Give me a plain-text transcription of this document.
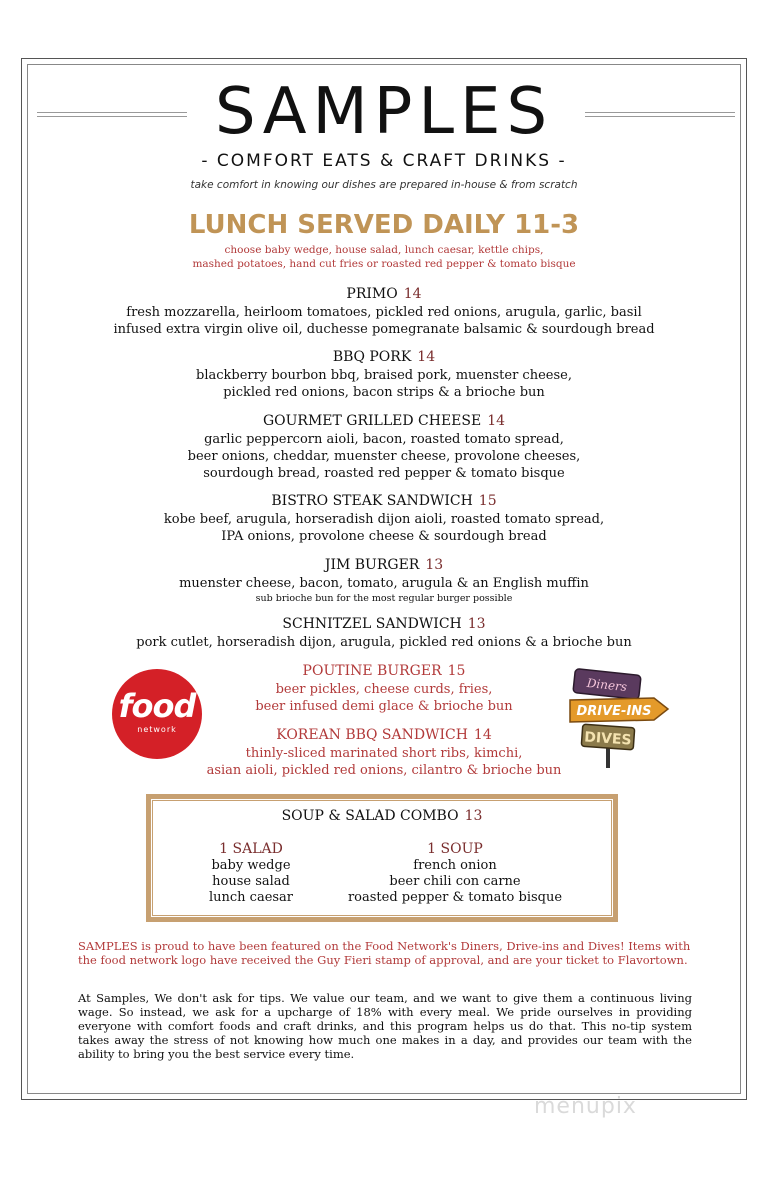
SAMPLES
- COMFORT EATS & CRAFT DRINKS -
take comfort in knowing our dishes are prepared in-house & from scratch
LUNCH SERVED DAILY 11-3
choose baby wedge, house salad, lunch caesar, kettle chips,
mashed potatoes, hand cut fries or roasted red pepper & tomato bisque
PRIMO 14
fresh mozzarella, heirloom tomatoes, pickled red onions, arugula, garlic, basil
infused extra virgin olive oil, duchesse pomegranate balsamic & sourdough bread
BBQ PORK 14
blackberry bourbon bbq, braised pork, muenster cheese,
pickled red onions, bacon strips & a brioche bun
GOURMET GRILLED CHEESE 14
garlic peppercorn aioli, bacon, roasted tomato spread,
beer onions, cheddar, muenster cheese, provolone cheeses,
sourdough bread, roasted red pepper & tomato bisque
BISTRO STEAK SANDWICH 15
kobe beef, arugula, horseradish dijon aioli, roasted tomato spread,
IPA onions, provolone cheese & sourdough bread
JIM BURGER 13
muenster cheese, bacon, tomato, arugula & an English muffin
sub brioche bun for the most regular burger possible
SCHNITZEL SANDWICH 13
pork cutlet, horseradish dijon, arugula, pickled red onions & a brioche bun
POUTINE BURGER 15
beer pickles, cheese curds, fries,
beer infused demi glace & brioche bun
KOREAN BBQ SANDWICH 14
thinly-sliced marinated short ribs, kimchi,
asian aioli, pickled red onions, cilantro & brioche bun
food
network
Diners
DRIVE-INS
DIVES
SOUP & SALAD COMBO 13
1 SALAD
baby wedge
house salad
lunch caesar
1 SOUP
french onion
beer chili con carne
roasted pepper & tomato bisque
SAMPLES is proud to have been featured on the Food Network's Diners, Drive-ins and Dives! Items with the food network logo have received the Guy Fieri stamp of approval, and are your ticket to Flavortown.
At Samples, We don't ask for tips. We value our team, and we want to give them a continuous living wage. So instead, we ask for a upcharge of 18% with every meal. We pride ourselves in providing everyone with comfort foods and craft drinks, and this program helps us do that. This no-tip system takes away the stress of not knowing how much one makes in a day, and provides our team with the ability to bring you the best service every time.
menupix
